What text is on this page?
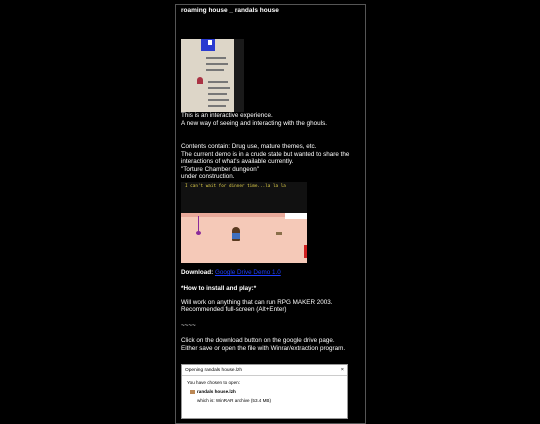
roaming house _ randals house
This is an interactive experience.
A new way of seeing and interacting with the ghouls.
Contents contain: Drug use, mature themes, etc.
The current demo is in a crude state but wanted to share the
interactions of what's available currently.
"Torture Chamber dungeon"
under construction.
I can't wait for dinner time...la la la
Download: Google Drive Demo 1.0
*How to install and play:*
Will work on anything that can run RPG MAKER 2003.
Recommended full-screen (Alt+Enter)
~~~~
Click on the download button on the google drive page.
Either save or open the file with Winrar/extraction program.
Opening randals house.lzh	×
You have chosen to open:
randals house.lzh
which is: WinRAR archive (53.4 MB)
